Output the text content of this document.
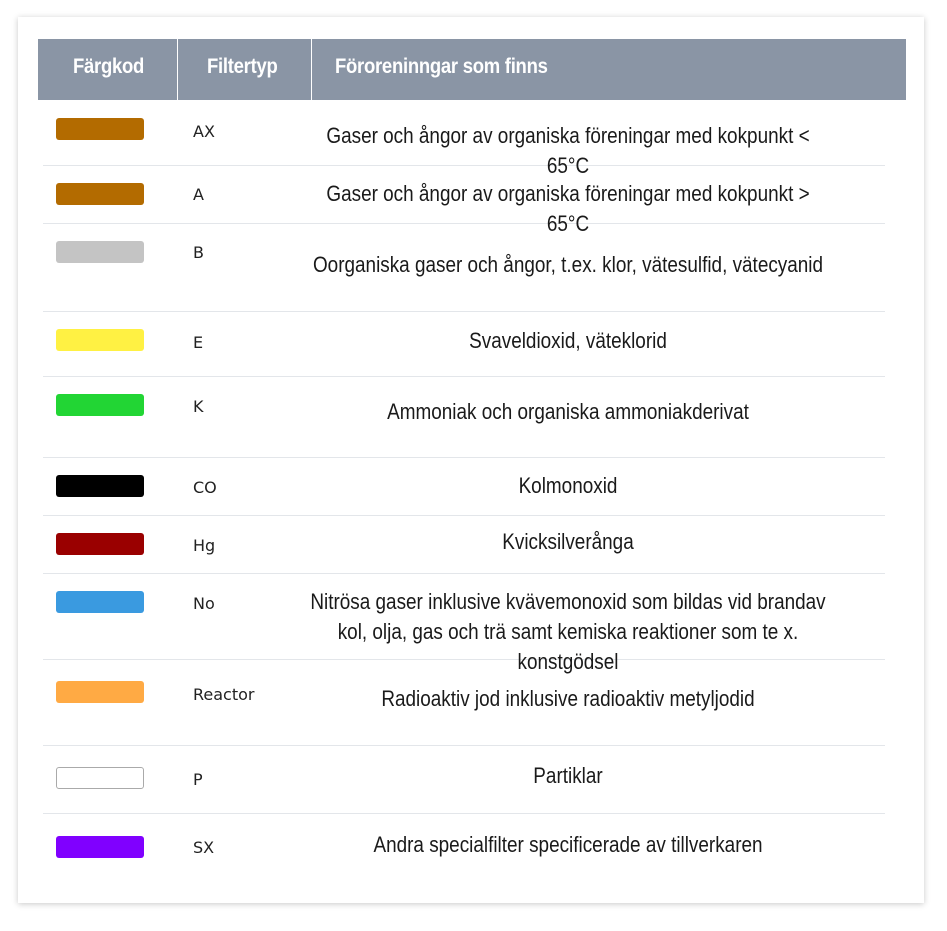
Färgkod	Filtertyp	Föroreninngar som finns
AX	Gaser och ångor av organiska föreningar med kokpunkt < 65°C
A	Gaser och ångor av organiska föreningar med kokpunkt > 65°C
B	Oorganiska gaser och ångor, t.ex. klor, vätesulfid, vätecyanid
E	Svaveldioxid, väteklorid
K	Ammoniak och organiska ammoniakderivat
CO	Kolmonoxid
Hg	Kvicksilverånga
No	Nitrösa gaser inklusive kvävemonoxid som bildas vid brandav kol, olja, gas och trä samt kemiska reaktioner som te x. konstgödsel
Reactor	Radioaktiv jod inklusive radioaktiv metyljodid
P	Partiklar
SX	Andra specialfilter specificerade av tillverkaren
